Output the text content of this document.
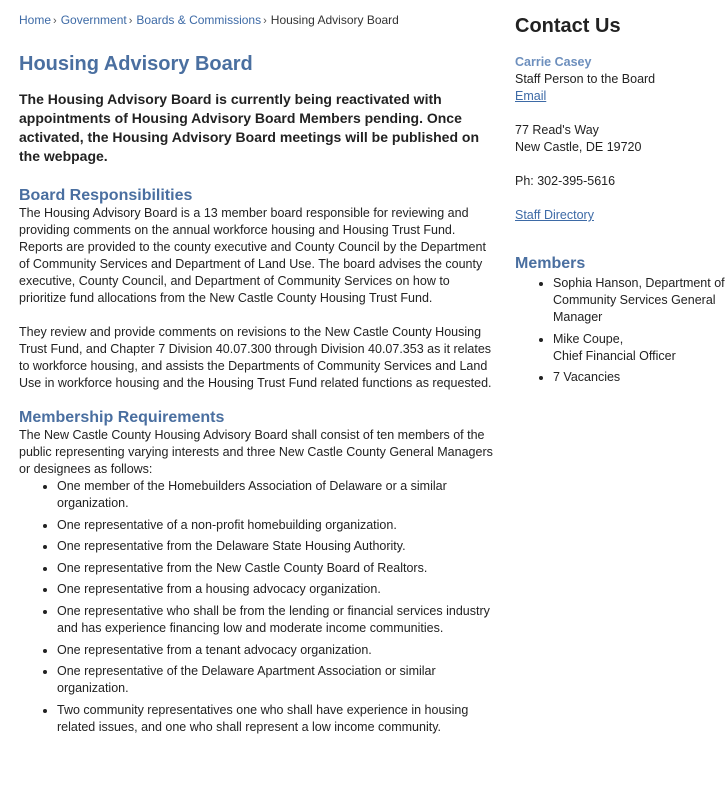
Home › Government › Boards & Commissions › Housing Advisory Board
Housing Advisory Board

The Housing Advisory Board is currently being reactivated with appointments of Housing Advisory Board Members pending. Once activated, the Housing Advisory Board meetings will be published on the webpage.

Board Responsibilities

The Housing Advisory Board is a 13 member board responsible for reviewing and providing comments on the annual workforce housing and Housing Trust Fund. Reports are provided to the county executive and County Council by the Department of Community Services and Department of Land Use. The board advises the county executive, County Council, and Department of Community Services on how to prioritize fund allocations from the New Castle County Housing Trust Fund.

They review and provide comments on revisions to the New Castle County Housing Trust Fund, and Chapter 7 Division 40.07.300 through Division 40.07.353 as it relates to workforce housing, and assists the Departments of Community Services and Land Use in workforce housing and the Housing Trust Fund related functions as requested.

Membership Requirements

The New Castle County Housing Advisory Board shall consist of ten members of the public representing varying interests and three New Castle County General Managers or designees as follows:

• One member of the Homebuilders Association of Delaware or a similar organization.
• One representative of a non-profit homebuilding organization.
• One representative from the Delaware State Housing Authority.
• One representative from the New Castle County Board of Realtors.
• One representative from a housing advocacy organization.
• One representative who shall be from the lending or financial services industry and has experience financing low and moderate income communities.
• One representative from a tenant advocacy organization.
• One representative of the Delaware Apartment Association or similar organization.
• Two community representatives one who shall have experience in housing related issues, and one who shall represent a low income community.
Contact Us
Carrie Casey
Staff Person to the Board
Email
77 Read's Way
New Castle, DE 19720
Ph: 302-395-5616
Staff Directory
Members
• Sophia Hanson, Department of Community Services General Manager
• Mike Coupe,
Chief Financial Officer
• 7 Vacancies
